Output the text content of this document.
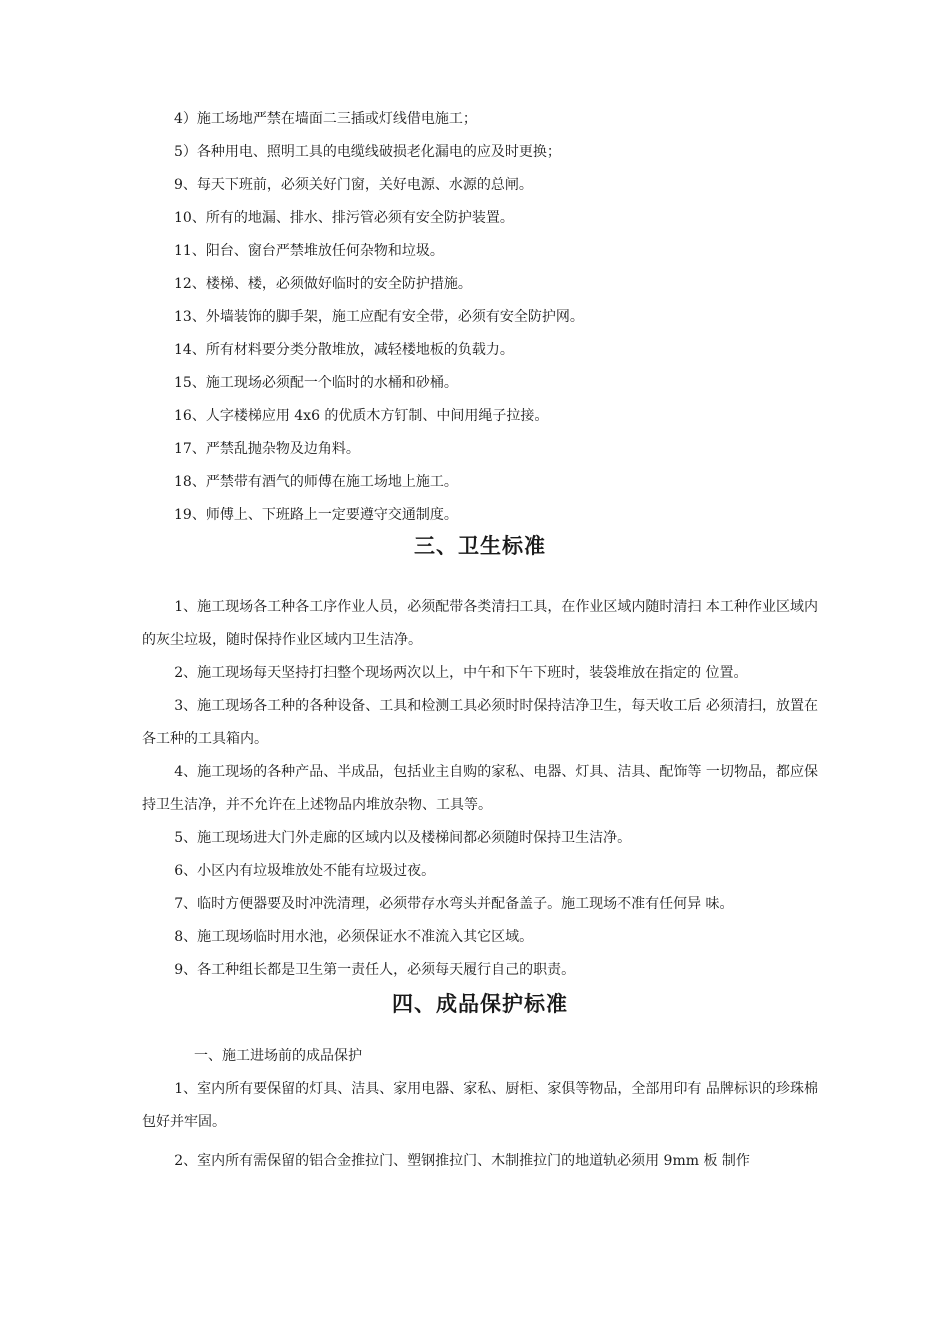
4）施工场地严禁在墙面二三插或灯线借电施工；

5）各种用电、照明工具的电缆线破损老化漏电的应及时更换；

9、每天下班前，必须关好门窗，关好电源、水源的总闸。

10、所有的地漏、排水、排污管必须有安全防护装置。

11、阳台、窗台严禁堆放任何杂物和垃圾。

12、楼梯、楼，必须做好临时的安全防护措施。

13、外墙装饰的脚手架，施工应配有安全带，必须有安全防护网。

14、所有材料要分类分散堆放，减轻楼地板的负载力。

15、施工现场必须配一个临时的水桶和砂桶。

16、人字楼梯应用 4x6 的优质木方钉制、中间用绳子拉接。

17、严禁乱抛杂物及边角料。

18、严禁带有酒气的师傅在施工场地上施工。

19、师傅上、下班路上一定要遵守交通制度。

三、卫生标准

1、施工现场各工种各工序作业人员，必须配带各类清扫工具，在作业区域内随时清扫 本工种作业区域内的灰尘垃圾，随时保持作业区域内卫生洁净。

2、施工现场每天坚持打扫整个现场两次以上，中午和下午下班时，装袋堆放在指定的 位置。

3、施工现场各工种的各种设备、工具和检测工具必须时时保持洁净卫生，每天收工后 必须清扫，放置在各工种的工具箱内。

4、施工现场的各种产品、半成品，包括业主自购的家私、电器、灯具、洁具、配饰等 一切物品，都应保持卫生洁净，并不允许在上述物品内堆放杂物、工具等。

5、施工现场进大门外走廊的区域内以及楼梯间都必须随时保持卫生洁净。

6、小区内有垃圾堆放处不能有垃圾过夜。

7、临时方便器要及时冲洗清理，必须带存水弯头并配备盖子。施工现场不准有任何异 味。

8、施工现场临时用水池，必须保证水不准流入其它区域。

9、各工种组长都是卫生第一责任人，必须每天履行自己的职责。

四、成品保护标准

一、施工进场前的成品保护

1、室内所有要保留的灯具、洁具、家用电器、家私、厨柜、家俱等物品，全部用印有 品牌标识的珍珠棉包好并牢固。

2、室内所有需保留的铝合金推拉门、塑钢推拉门、木制推拉门的地道轨必须用 9mm 板 制作
